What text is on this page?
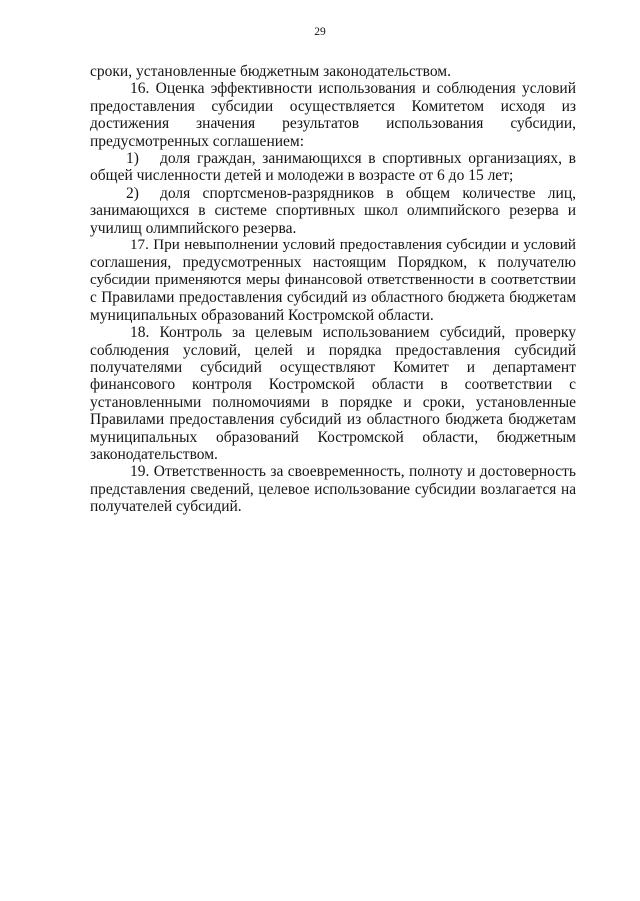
29
сроки, установленные бюджетным законодательством.
16. Оценка эффективности использования и соблюдения условий
предоставления субсидии осуществляется Комитетом исходя из
достижения значения результатов использования субсидии,
предусмотренных соглашением:
1) доля граждан, занимающихся в спортивных организациях, в
общей численности детей и молодежи в возрасте от 6 до 15 лет;
2) доля спортсменов-разрядников в общем количестве лиц,
занимающихся в системе спортивных школ олимпийского резерва и
училищ олимпийского резерва.
17. При невыполнении условий предоставления субсидии и условий
соглашения, предусмотренных настоящим Порядком, к получателю
субсидии применяются меры финансовой ответственности в соответствии
с Правилами предоставления субсидий из областного бюджета бюджетам
муниципальных образований Костромской области.
18. Контроль за целевым использованием субсидий, проверку
соблюдения условий, целей и порядка предоставления субсидий
получателями субсидий осуществляют Комитет и департамент
финансового контроля Костромской области в соответствии с
установленными полномочиями в порядке и сроки, установленные
Правилами предоставления субсидий из областного бюджета бюджетам
муниципальных образований Костромской области, бюджетным
законодательством.
19. Ответственность за своевременность, полноту и достоверность
представления сведений, целевое использование субсидии возлагается на
получателей субсидий.
